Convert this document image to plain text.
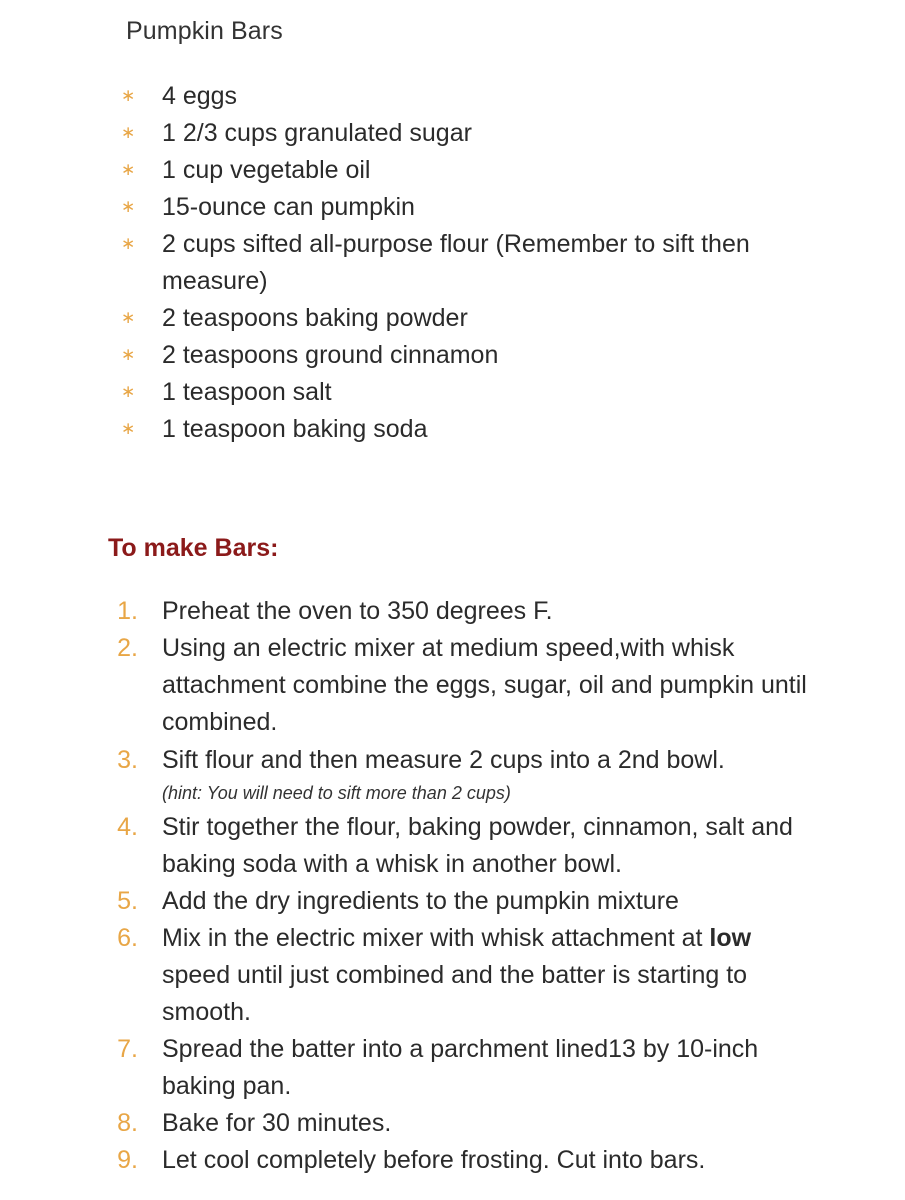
Pumpkin Bars
∗ 4 eggs
∗ 1 2/3 cups granulated sugar
∗ 1 cup vegetable oil
∗ 15-ounce can pumpkin
∗ 2 cups sifted all-purpose flour (Remember to sift then measure)
∗ 2 teaspoons baking powder
∗ 2 teaspoons ground cinnamon
∗ 1 teaspoon salt
∗ 1 teaspoon baking soda
To make Bars:
1. Preheat the oven to 350 degrees F.
2. Using an electric mixer at medium speed,with whisk attachment combine the eggs, sugar, oil and pumpkin until combined.
3. Sift flour and then measure 2 cups into a 2nd bowl.
(hint: You will need to sift more than 2 cups)
4. Stir together the flour, baking powder, cinnamon, salt and baking soda with a whisk in another bowl.
5. Add the dry ingredients to the pumpkin mixture
6. Mix in the electric mixer with whisk attachment at low speed until just combined and the batter is starting to smooth.
7. Spread the batter into a parchment lined13 by 10-inch baking pan.
8. Bake for 30 minutes.
9. Let cool completely before frosting. Cut into bars.
